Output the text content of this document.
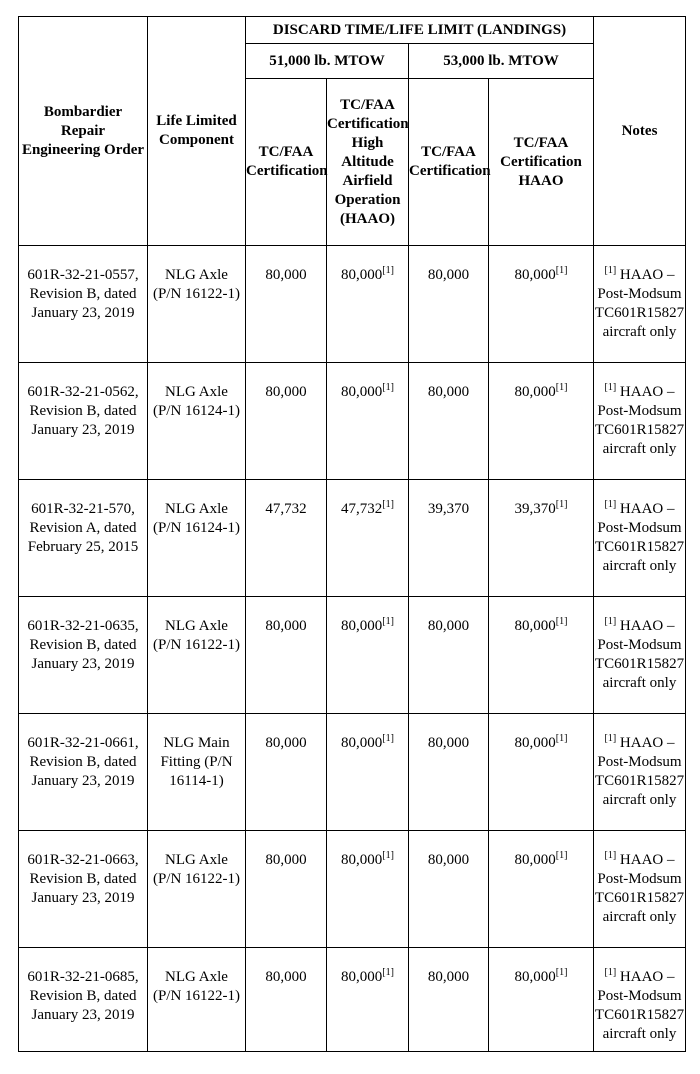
Bombardier Repair Engineering Order	Life Limited Component	DISCARD TIME/LIFE LIMIT (LANDINGS)				Notes
		51,000 lb. MTOW		53,000 lb. MTOW		
		TC/FAA Certification	TC/FAA Certification High Altitude Airfield Operation (HAAO)	TC/FAA Certification	TC/FAA Certification HAAO	
601R-32-21-0557, Revision B, dated January 23, 2019	NLG Axle (P/N 16122-1)	80,000	80,000[1]	80,000	80,000[1]	[1] HAAO – Post-Modsum TC601R15827 aircraft only
601R-32-21-0562, Revision B, dated January 23, 2019	NLG Axle (P/N 16124-1)	80,000	80,000[1]	80,000	80,000[1]	[1] HAAO – Post-Modsum TC601R15827 aircraft only
601R-32-21-570, Revision A, dated February 25, 2015	NLG Axle (P/N 16124-1)	47,732	47,732[1]	39,370	39,370[1]	[1] HAAO – Post-Modsum TC601R15827 aircraft only
601R-32-21-0635, Revision B, dated January 23, 2019	NLG Axle (P/N 16122-1)	80,000	80,000[1]	80,000	80,000[1]	[1] HAAO – Post-Modsum TC601R15827 aircraft only
601R-32-21-0661, Revision B, dated January 23, 2019	NLG Main Fitting (P/N 16114-1)	80,000	80,000[1]	80,000	80,000[1]	[1] HAAO – Post-Modsum TC601R15827 aircraft only
601R-32-21-0663, Revision B, dated January 23, 2019	NLG Axle (P/N 16122-1)	80,000	80,000[1]	80,000	80,000[1]	[1] HAAO – Post-Modsum TC601R15827 aircraft only
601R-32-21-0685, Revision B, dated January 23, 2019	NLG Axle (P/N 16122-1)	80,000	80,000[1]	80,000	80,000[1]	[1] HAAO – Post-Modsum TC601R15827 aircraft only
